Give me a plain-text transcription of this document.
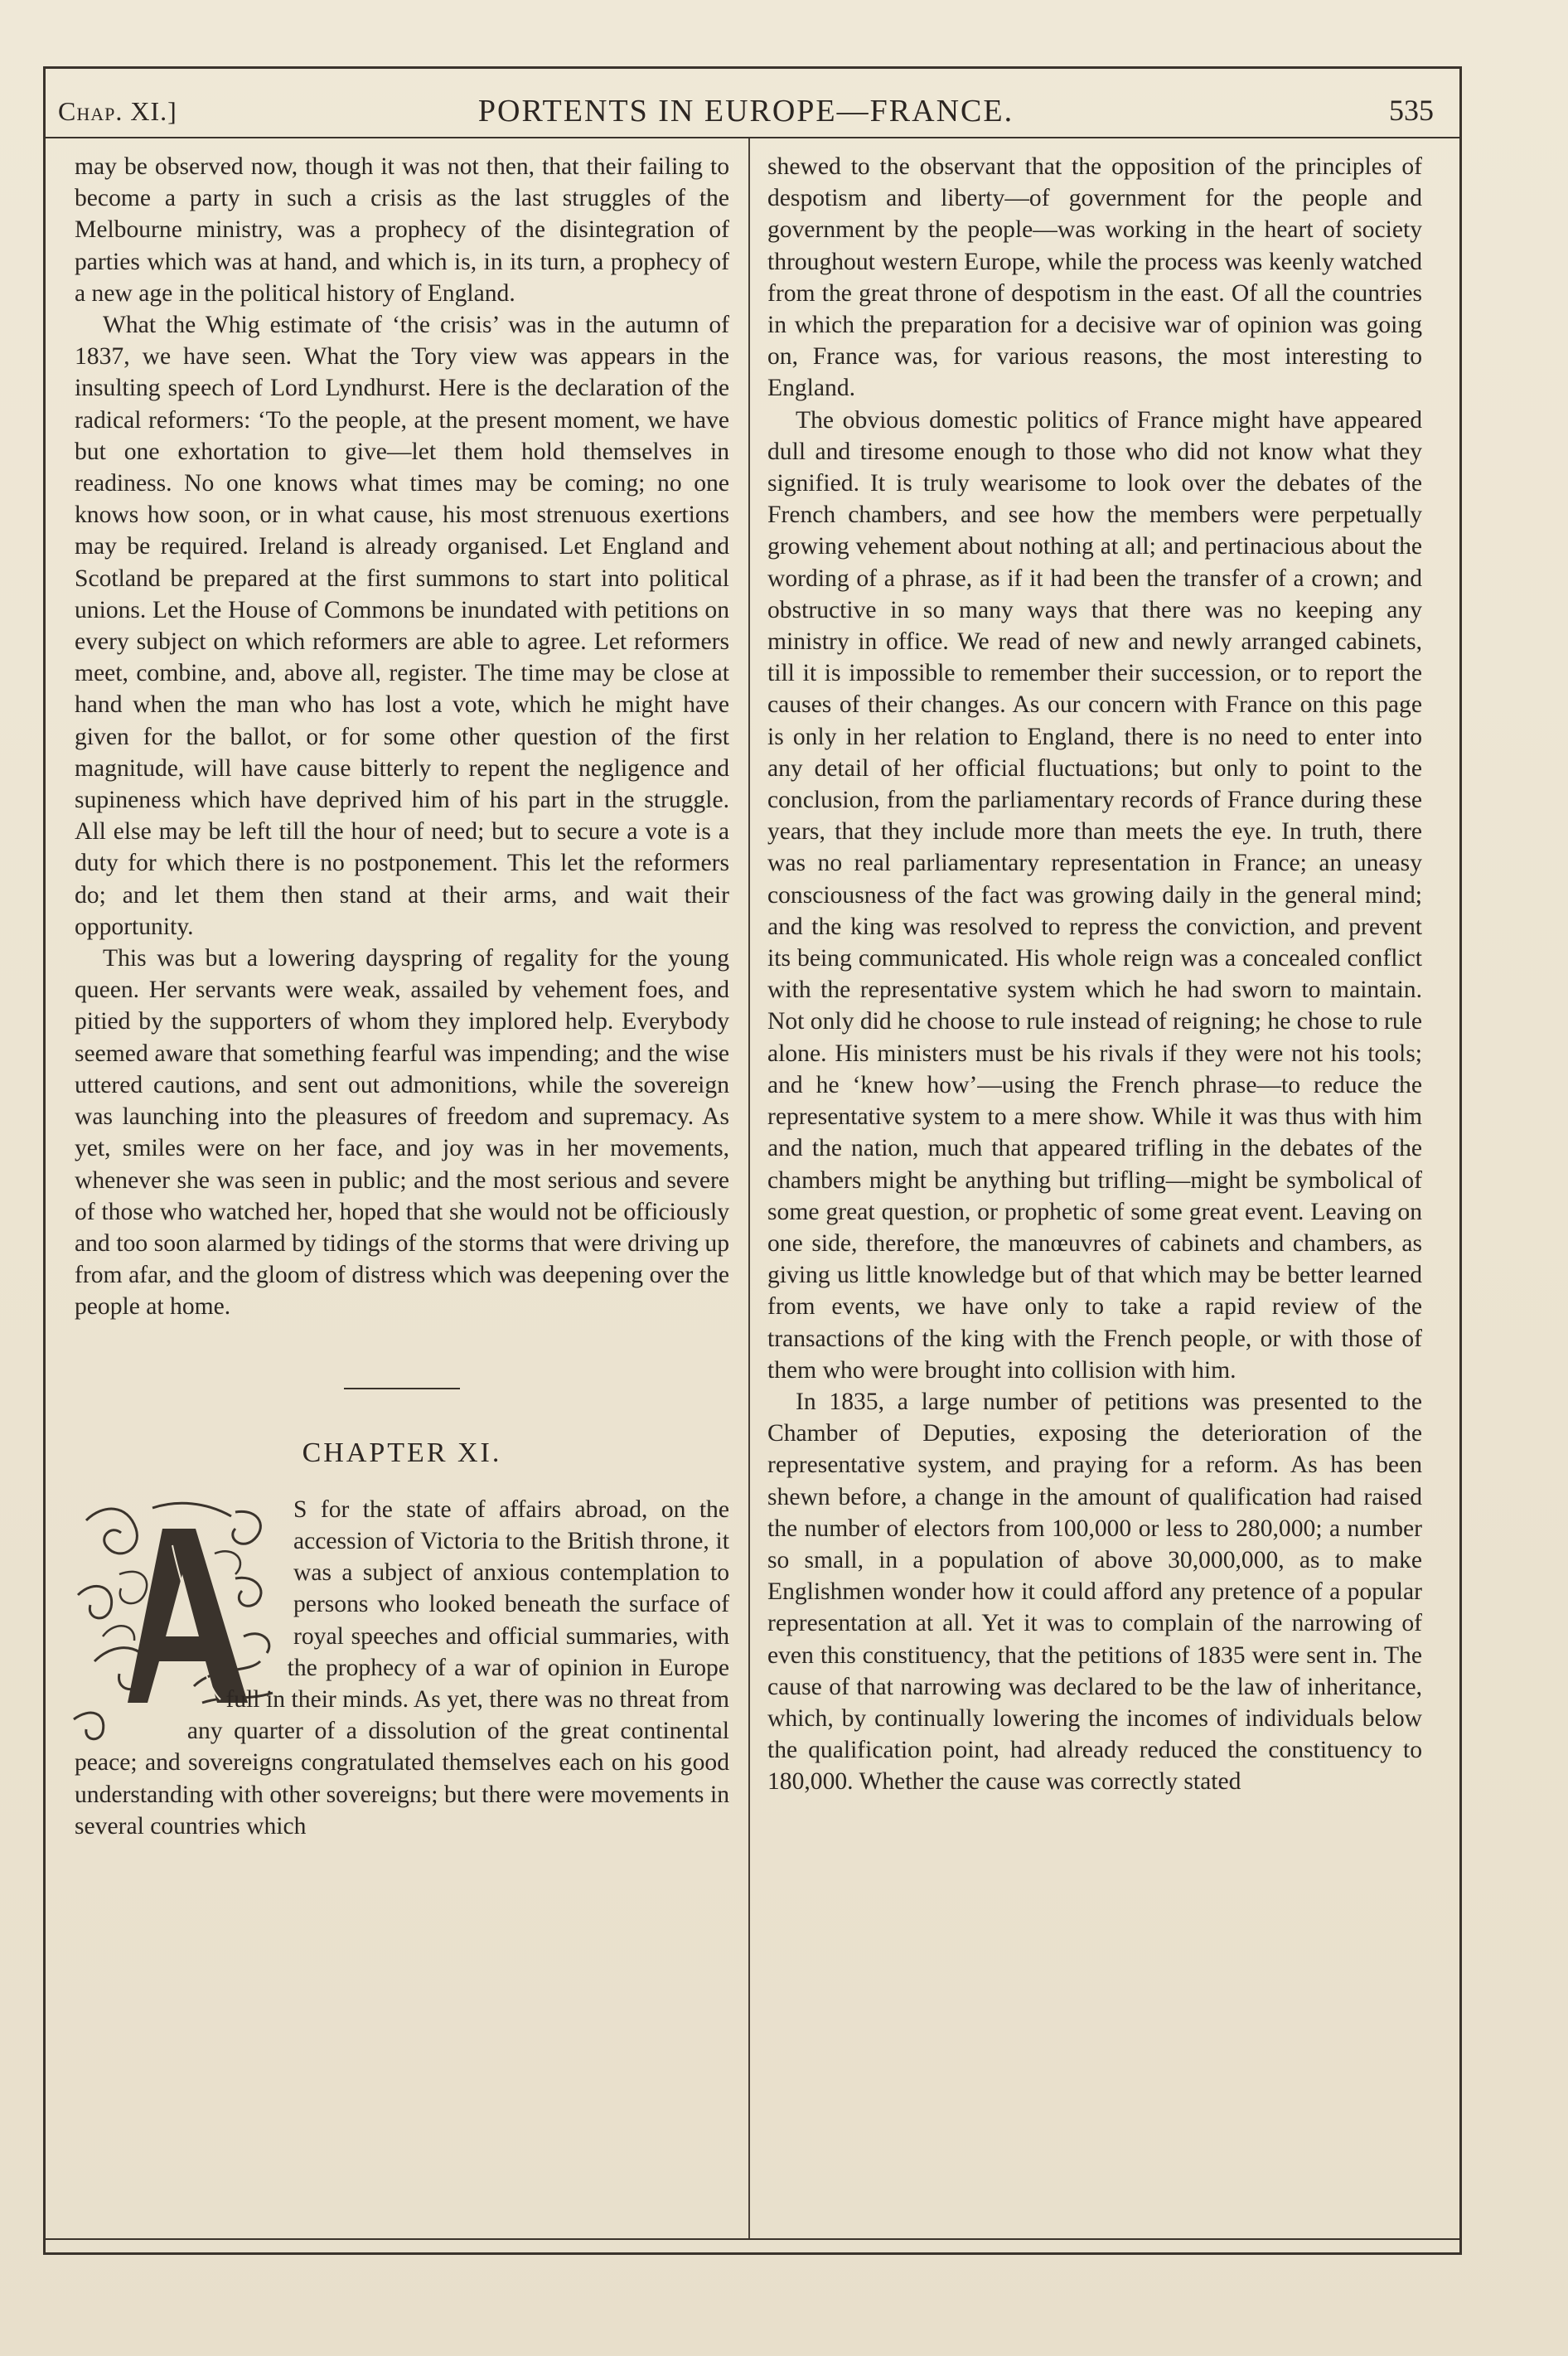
Chap. XI.]	PORTENTS IN EUROPE—FRANCE.	535

may be observed now, though it was not then, that their failing to become a party in such a crisis as the last struggles of the Melbourne ministry, was a prophecy of the disintegration of parties which was at hand, and which is, in its turn, a prophecy of a new age in the political history of England.

What the Whig estimate of ‘the crisis’ was in the autumn of 1837, we have seen. What the Tory view was appears in the insulting speech of Lord Lyndhurst. Here is the declaration of the radical reformers: ‘To the people, at the present moment, we have but one exhortation to give—let them hold themselves in readiness. No one knows what times may be coming; no one knows how soon, or in what cause, his most strenuous exertions may be required. Ireland is already organised. Let England and Scotland be prepared at the first summons to start into political unions. Let the House of Commons be inundated with petitions on every subject on which reformers are able to agree. Let reformers meet, combine, and, above all, register. The time may be close at hand when the man who has lost a vote, which he might have given for the ballot, or for some other question of the first magnitude, will have cause bitterly to repent the negligence and supineness which have deprived him of his part in the struggle. All else may be left till the hour of need; but to secure a vote is a duty for which there is no postponement. This let the reformers do; and let them then stand at their arms, and wait their opportunity.

This was but a lowering dayspring of regality for the young queen. Her servants were weak, assailed by vehement foes, and pitied by the supporters of whom they implored help. Everybody seemed aware that something fearful was impending; and the wise uttered cautions, and sent out admonitions, while the sovereign was launching into the pleasures of freedom and supremacy. As yet, smiles were on her face, and joy was in her movements, whenever she was seen in public; and the most serious and severe of those who watched her, hoped that she would not be officiously and too soon alarmed by tidings of the storms that were driving up from afar, and the gloom of distress which was deepening over the people at home.

CHAPTER XI.

S for the state of affairs abroad, on the accession of Victoria to the British throne, it was a subject of anxious contemplation to persons who looked beneath the surface of royal speeches and official summaries, with the prophecy of a war of opinion in Europe full in their minds. As yet, there was no threat from any quarter of a dissolution of the great continental peace; and sovereigns congratulated themselves each on his good understanding with other sovereigns; but there were movements in several countries which

shewed to the observant that the opposition of the principles of despotism and liberty—of government for the people and government by the people—was working in the heart of society throughout western Europe, while the process was keenly watched from the great throne of despotism in the east. Of all the countries in which the preparation for a decisive war of opinion was going on, France was, for various reasons, the most interesting to England.

The obvious domestic politics of France might have appeared dull and tiresome enough to those who did not know what they signified. It is truly wearisome to look over the debates of the French chambers, and see how the members were perpetually growing vehement about nothing at all; and pertinacious about the wording of a phrase, as if it had been the transfer of a crown; and obstructive in so many ways that there was no keeping any ministry in office. We read of new and newly arranged cabinets, till it is impossible to remember their succession, or to report the causes of their changes. As our concern with France on this page is only in her relation to England, there is no need to enter into any detail of her official fluctuations; but only to point to the conclusion, from the parliamentary records of France during these years, that they include more than meets the eye. In truth, there was no real parliamentary representation in France; an uneasy consciousness of the fact was growing daily in the general mind; and the king was resolved to repress the conviction, and prevent its being communicated. His whole reign was a concealed conflict with the representative system which he had sworn to maintain. Not only did he choose to rule instead of reigning; he chose to rule alone. His ministers must be his rivals if they were not his tools; and he ‘knew how’—using the French phrase—to reduce the representative system to a mere show. While it was thus with him and the nation, much that appeared trifling in the debates of the chambers might be anything but trifling—might be symbolical of some great question, or prophetic of some great event. Leaving on one side, therefore, the manœuvres of cabinets and chambers, as giving us little knowledge but of that which may be better learned from events, we have only to take a rapid review of the transactions of the king with the French people, or with those of them who were brought into collision with him.

In 1835, a large number of petitions was presented to the Chamber of Deputies, exposing the deterioration of the representative system, and praying for a reform. As has been shewn before, a change in the amount of qualification had raised the number of electors from 100,000 or less to 280,000; a number so small, in a population of above 30,000,000, as to make Englishmen wonder how it could afford any pretence of a popular representation at all. Yet it was to complain of the narrowing of even this constituency, that the petitions of 1835 were sent in. The cause of that narrowing was declared to be the law of inheritance, which, by continually lowering the incomes of individuals below the qualification point, had already reduced the constituency to 180,000. Whether the cause was correctly stated
